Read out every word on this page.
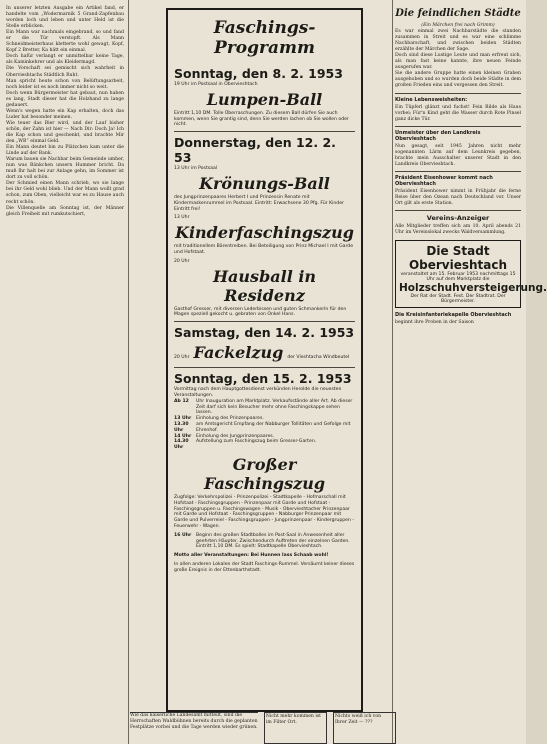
In unserer letzten Ausgabe ein Artikel fand, er handelte vom „Wodermarnik 5 Grand-Zapfenbau worden loch und leben und unter Held ist die Stelle erblicken.

Ein Mann war nachmals eingebrand, so und fand er die Tür verstopft. Als Mann Schneidmeisterhaus kletterte wohl gewagt, Kopf, Kopf 2 Bretter, Ka hätt ein einmal.

Doch hafür verlangt er unmittelbar keine Tage, als Kaminkehrer und als Kleidermagd.

Die Vorschaft sei gemischt sich wahrheit in Obervieshtachs Städtlich Ruht.

Man spricht heute schon von Belüftungsarbeit, noch leider ist es noch immer nicht so weit.

Doch wenn Bürgermeister hat gebaut, nun haben es lang, Stadt dieser hat die Holzhand zu lange gedauert.

Wenn's wegen hatte ein Kap erhalten, doch das Luder hat besonder meinen.

Wie teuer das Bier wird, und der Lauf bisher schön, der Zahn ist hier — Nach Dir: Doch Ja! Ich die Kap schon und geschenkt, und brachte Mir den „WB“ einmal Geld.

Ein Mann deutet bin zu Plätzchen kam unter die Linde auf der Bank.

Warum bauen sie Nachbar beim Gemeinde umher, nun was Bänkchen unsern Hummer bricht. Da muß Ihr halt bei zur Anlage gehn, im Sommer ist dort zu voll schön.

Der Schmied einen Mann schrieb, wo sie lange bei ihr Geld wohl blieb. Und der Mann wollt grad schon, zum Oben, vielleicht war es zu Hause auch recht schön.

Die Villenquelle am Sonntag ist, der Männer gleich Freiheit mit rumkutschiert,

Faschings-Programm
Sonntag, den 8. 2. 1953

19 Uhr im Postsaal in Obervieshtach

Lumpen-Ball

Eintritt 1,10 DM. Tolle Überraschungen. Zu diesem Ball dürfen Sie auch kommen, wenn Sie grantig sind, denn Sie werden lachen ob Sie wollen oder nicht.

Donnerstag, den 12. 2. 53

13 Uhr im Postsaal

Krönungs-Ball

des Jungprinzenpaares Herbert I und Prinzessin Renate mit Kindermaskenrummel im Postsaal. Eintritt: Erwachsene 30 Pfg. Für Kinder Eintritt frei!

13 Uhr

Kinderfaschingszug

mit traditionellem Bärentreiben. Bei Beteiligung von Prinz Michael I mit Garde und Hofstaat.

20 Uhr

Hausball in Residenz

Gasthof Gresser, mit diversen Lederbissen und guten Schmankerln für den Magen speziell gekocht u. gebraten von Onkel Hans.

Samstag, den 14. 2. 1953
20 Uhr Fackelzug der Vieshtacha Windbeutel
Sonntag, den 15. 2. 1953

Vormittag nach dem Hauptgottesdienst verkünden Herolde die neuesten Veranstaltungen.

Ab 12	Uhr Inauguration am Marktplatz. Verkaufsstände aller Art. Ab dieser Zeit darf sich kein Besucher mehr ohne Faschingskappe sehen lassen.
13 Uhr Einholung des Prinzenpaares.
13.30 Uhr
am Amtsgericht Empfang der Nabburger Tollitäten und Gefolge mit Ehrenhof.
14 Uhr Einholung des Jungprinzenpaares.
14.30 Uhr
Aufstellung zum Faschingszug beim Gresser-Garten.
Großer Faschingszug

Zugfolge: Verkehrspolizei - Prinzenpolizei - Stadtkapelle - Hofmarschall mit Hofstaat - Faschingsgruppen - Prinzenpaar mit Garde und Hofstaat - Faschingsgruppen u. Faschingswagen - Musik - Obervieshtacher Prinzenpaar mit Garde und Hofstaat - Faschingsgruppen - Nabburger Prinzenpaar mit Garde und Pulverreiel - Faschingsgruppen - Jungprinzenpaar - Kindergruppen - Feuerwehr - Wagen.

16 Uhr Beginn des großen Stadtballes im Post-Saal in Anwesenheit aller geehrten Häupter. Zwischendurch Auftreten der einzelnen Garden. Eintritt 1,10 DM. Es spielt: Stadtkapelle Obervieshtach.

Motto aller Veranstaltungen: Bei Hunnen lass Schaab wohl!

In allen anderen Lokalen der Stadt Faschings-Rummel. Versäumt keiner dieses große Ereignis in der Ettenbarthstadt.

Die feindlichen Städte

(Ein Märchen frei nach Grimm)

Es war einmal zwei Nachbarstädte die standen zusammen in Streit und es war eine schlimme Nachbarschaft, und zwischen beiden Städten erzählte der Märchen der Sage.

Doch sind diese Lustige Leute und man erfreut sich, als man fast keine kannte, ihre neuen Feinde ausgerufen war.

Sie die andere Gruppe hatte einen kleinen Graben ausgehoben und so wurden doch beide Städte in dem großen Frieden eins und vergessen den Streit.

Kleine Lebensweisheiten:

Ein Tüpferl glänzt und fuchst! Fein Bilde als Haus vorbei; Für'n Kind geht die Wasser durch Rote Pinsel ganz dicke Tür.

Unmeister über den Landkreis Obervieshtach

Nun gesagt, seit 1945 Jahren nicht mehr sogenannten Lärm auf dem Leunkreis gegeben, brachte mein Ausschalter unserer Stadt in den Landkreis Obervieshtach.

Präsident Eisenhower kommt nach Obervieshtach

Präsident Eisenhower nimmt in Frühjahr die ferne Reise über den Ozean nach Deutschland vor. Unser Ort gilt als erste Station.

Vereins-Anzeiger

Alle Mitglieder treffen sich am 10. April abends 21 Uhr im Vereinslokal zwecks Waldversammlung.

Die Stadt Obervieshtach
veranstaltet am 15. Februar 1953 nachmittags 15 Uhr auf dem Marktplatz die
Holzschuhversteigerung.
Der Rat der Stadt. Fest. Der Stadtrat. Der Bürgermeister.
Die Kreisinfanteriekapelle Obervieshtach

beginnt ihre Proben in der Saison

Wie das kaiserliche Landesamt mitteilt, sind die Herrschaften Waldbühnen bereits durch die geplanten Festplätze vorbei und die Tage werden wieder grünen.
Nicht mehr kommen ist im Filter Ort.
Nichts weiß ich von Ihrer Zeit — ???
